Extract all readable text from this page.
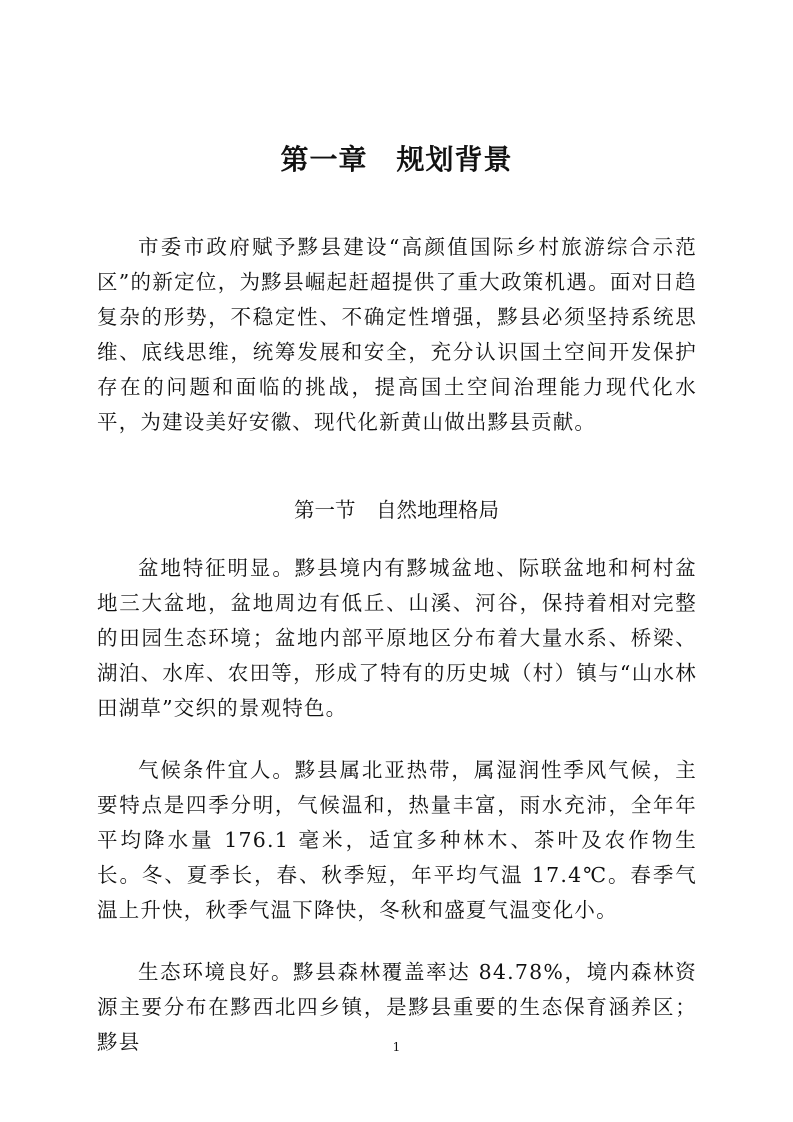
第一章　规划背景

市委市政府赋予黟县建设“高颜值国际乡村旅游综合示范区”的新定位，为黟县崛起赶超提供了重大政策机遇。面对日趋复杂的形势，不稳定性、不确定性增强，黟县必须坚持系统思维、底线思维，统筹发展和安全，充分认识国土空间开发保护存在的问题和面临的挑战，提高国土空间治理能力现代化水平，为建设美好安徽、现代化新黄山做出黟县贡献。

第一节　自然地理格局

盆地特征明显。黟县境内有黟城盆地、际联盆地和柯村盆地三大盆地，盆地周边有低丘、山溪、河谷，保持着相对完整的田园生态环境；盆地内部平原地区分布着大量水系、桥梁、湖泊、水库、农田等，形成了特有的历史城（村）镇与“山水林田湖草”交织的景观特色。

气候条件宜人。黟县属北亚热带，属湿润性季风气候，主要特点是四季分明，气候温和，热量丰富，雨水充沛，全年年平均降水量 176.1 毫米，适宜多种林木、茶叶及农作物生长。冬、夏季长，春、秋季短，年平均气温 17.4℃。春季气温上升快，秋季气温下降快，冬秋和盛夏气温变化小。

生态环境良好。黟县森林覆盖率达 84.78%，境内森林资源主要分布在黟西北四乡镇，是黟县重要的生态保育涵养区；黟县	1
